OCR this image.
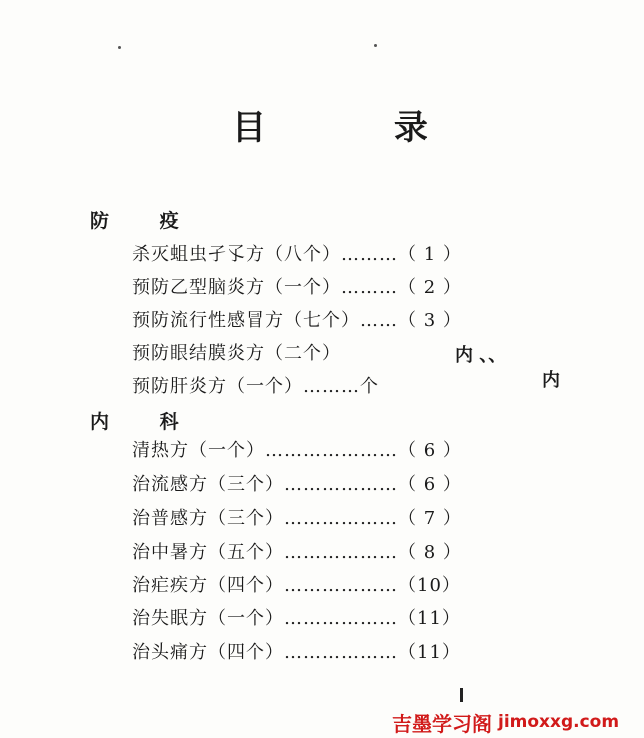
目 录
防 疫
杀灭蛆虫孑孓方（八个）………（ 1 ）
预防乙型脑炎方（一个）………（ 2 ）
预防流行性感冒方（七个）……（ 3 ）
预防眼结膜炎方（二个）
预防肝炎方（一个）………个
内 、、
内
内 科
清热方（一个）…………………（ 6 ）
治流感方（三个）………………（ 6 ）
治普感方（三个）………………（ 7 ）
治中暑方（五个）………………（ 8 ）
治疟疾方（四个）………………（10）
治失眠方（一个）………………（11）
治头痛方（四个）………………（11）
吉墨学习阁 jimoxxg.com
